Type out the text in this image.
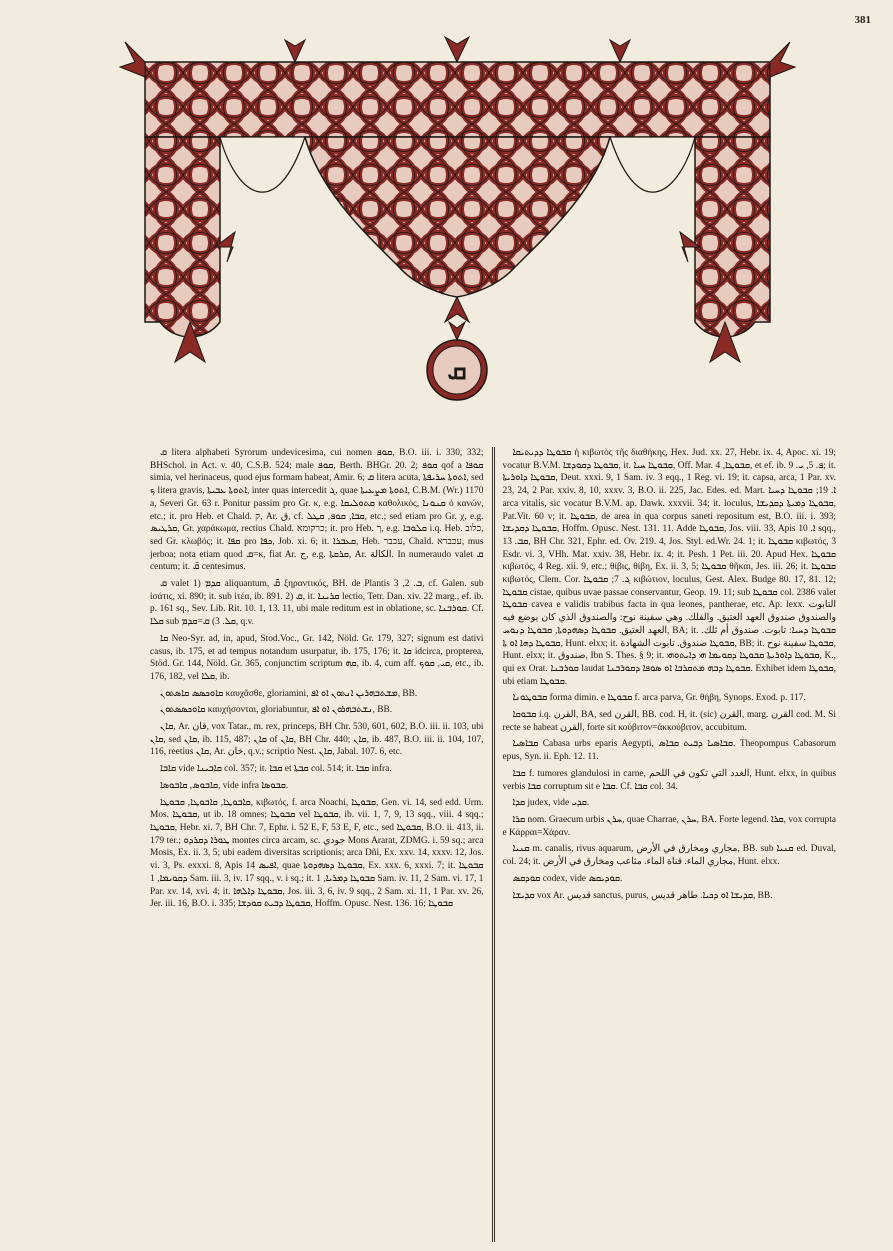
381
ܩ

ܩ litera alphabeti Syrorum undevicesima, cui nomen ܩܘܦ, B.O. iii. i. 330, 332; BHSchol. in Act. v. 40, C.S.B. 524; male ܩܘܦ, Berth. BHGr. 20. 2; ܩܘܦ qof a ܩܘܦܐ simia, vel herinaceus, quod ejus formam habeat, Amir. 6; ܩ litera acuta, ܐܬܘܬܐ ܚܪܝܦܬܐ, sed ܟ litera gravis, ܐܬܘܬܐ ܥܒܝܬܐ, inter quas intercedit ܓ, quae ܐܬܘܬܐ ܡܨܥܝܬܐ, C.B.M. (Wr.) 1170 a, Severi Gr. 63 r. Ponitur passim pro Gr. κ, e.g. ܩܬܘܠܝܩܐ καθολικός, ܩܢܘܢܐ ὁ κανών, etc.; it. pro Heb. et Chald. ק, Ar. ق, cf. ܩܒܐ, ܩܘܦ, ܩܛܠ, etc.; sed etiam pro Gr. χ, e.g. ܩܪܛܝܣ, Gr. χαράκωμα, rectius Chald. כרקומא; it. pro Heb. ך, e.g. ܩܠܘܒܐ i.q. Heb. כלוב, sed Gr. κλωβός; it. ܩܦܐ pro ܟܦܐ, Job. xi. 6; it. ܩܥܒܪܐ, Heb. עכבר, Chald. עכברא, mus jerboa; nota etiam quod ܩ=κ, fiat Ar. ج, e.g. ܩܪܩܬܐ, Ar. الكالة. In numeraudo valet ܩ centum; it. ܩ̈ centesimus.

ܩ valet 1) ܩܕܡ aliquantum, ܩ̄ ξηραντικός, BH. de Plantis ܒ. 2, 3, cf. Galen. sub ἰσάτις, xi. 890; it. sub ἰτέα, ib. 891. 2) ܩ, it. ܩܪܝܢܐ lectio, Tetr. Dan. xiv. 22 marg., ef. ib. p. 161 sq., Sev. Lib. Rit. 10. 1, 13. 11, ubi male reditum est in oblatione, sc. ܩܘܪܒܢܐ. Cf. ܩܠܐ sub ܩܠ. 3) ܩ=ܩܕܡ, q.v.

ܩܐ Neo-Syr. ad, in, apud, Stod.Voc., Gr. 142, Nöld. Gr. 179, 327; signum est dativi casus, ib. 175, et ad tempus notandum usurpatur, ib. 175, 176; it. ܩܐ idcirca, propterea, Stöd. Gr. 144, Nöld. Gr. 365, conjunctim scriptum ܩܗ, ib. 4, cum aff. ܩܝ, ܩܘܟ, etc., ib. 176, 182, vel ܩܠܐ, ib.

ܩܐܘܟܣܣ ܩܐܣܬܘܢ καυχᾶσθε, gloriamini, ܡܫܬܒܗܪܝܢ ܐܢܬܘܢ ܐܘ ܐܦ, BB.

ܩܐܘܟܣܣܬܘܢ καυχήσονται, gloriabuntur, ܢܫܬܒܗܪܘܢ ܐܘ ܐܦ, BB.

ܩܐܢ, Ar. قان, vox Tatar., m. rex, princeps, BH Chr. 530, 601, 602, B.O. iii. ii. 103, ubi ܩܐܢ, sed ܩܐܢ, ib. 115, 487; ܩܐܢ of ܩܐܢ, BH Chr. 440; ܩܐܢ, ib. 487, B.O. iii. ii. 104, 107, 116, reetius ܩܐܢ, Ar. خان, q.v.; scriptio Nest. ܩܐܢ, Jabal. 107. 6, etc.

ܩܐܒܐ vide ܩܐܒܝܢܐ col. 357; it. ܩܒܐ et ܩܒܬܐ col. 514; it. ܩܒܐ infra.

ܩܐܒܘܣ, ܩܐܒܘܣܐ, vide infra ܩܒܘܣܐ.

ܩܐܒܘܛܐ, ܩܐܒܘܛܐ, ܩܒܘܛܐ, κιβωτός, f. arca Noachi, ܩܒܘܛܐ, Gen. vi. 14, sed edd. Urm. Mos. ܩܒܘܛܐ, ut ib. 18 omnes; ܩܒܘܛܐ vel ܩܒܘܛܐ, ib. vii. 1, 7, 9, 13 sqq., viii. 4 sqq.; ܩܒܘܛܐ, Hebr. xi. 7, BH Chr. 7, Ephr. i. 52 E, F, 53 E, F, etc., sed ܩܒܘܛܐ, B.O. ii. 413, ii. 179 ter.; ܛܘܪܐ ܕܩܪܕܘ montes circa arcam, sc. جودي Mons Ararat, ZDMG. i. 59 sq.; arca Mosis, Ex. ii. 3, 5; ubi eadem diversitas scriptionis; arca Dñi, Ex. xxv. 14, xxxv. 12, Jos. vi. 3, Ps. exxxi. 8, Apis ܐܦܝܣ 14, quae ܩܒܘܛܐ ܕܣܗܕܘܬܐ, Ex. xxx. 6, xxxi. 7; it. ܩܒܘܛܐ ܕܩܘܝܡܐ, 1 Sam. iii. 3, iv. 17 sqq., v. i sq.; it. ܩܒܘܛܐ ܕܡܪܝܐ, 1 Sam. iv. 11, 2 Sam. vi. 17, 1 Par. xv. 14, xvi. 4; it. ܩܒܘܛܐ ܕܐܠܗܐ, Jos. iii. 3, 6, iv. 9 sqq., 2 Sam. xi. 11, 1 Par. xv. 26, Jer. iii. 16, B.O. i. 335; ܩܒܘܛܐ ܕܒܝܬ ܩܘܕܫܐ, Hoffm. Opusc. Nest. 136. 16; ܩܒܘܛܐ

ܩܒܘܛܐ ܕܕܝܬܝܩܐ ἡ κιβωτὸς τῆς διαθήκης, Hex. Jud. xx. 27, Hebr. ix. 4, Apoc. xi. 19; vocatur B.V.M. ܩܒܘܛܐ ܕܩܘܕܫܐ, it. ܩܒܘܛܐ ܚܝܐ, Off. Mar. ܩܒܘܛܐ, 4, et ef. ib. ܦ. 5, ܝ. 9; it. ܩܒܘܛܐ ܕܐܘܪܝܬܐ, Deut. xxxi. 9, 1 Sam. iv. 3 eqq., 1 Reg. vi. 19; it. capsa, arca, 1 Par. xv. 23, 24, 2 Par. xxiv. 8, 10, xxxv. 3, B.O. ii. 225, Jac. Edes. ed. Mart. ܐ. 19; ܩܒܘܛܐ ܕܚܝܐ arca vitalis, sic vocatur B.V.M. ap. Dawk. xxxvii. 34; it. loculus, ܩܒܘܛܐ ܕܡܝܬܐ ܕܩܕܝܫܐ, Pat.Vit. 60 v; it. ܩܒܘܛܐ, de area in qua corpus saneti repositum est, B.O. iii. i. 393; ܩܒܘܛܐ ܕܩܕܝܫܐ, Hoffm. Opusc. Nest. 131. 11. Adde ܩܒܘܛܐ, Jos. viii. 33, Apis ܐ. 10 sqq., ܩܒ. 13, BH Chr. 321, Ephr. ed. Ov. 219. 4, Jos. Styl. ed.Wr. 24. 1; it. ܩܒܘܛܐ κιβωτός, 3 Esdr. vi. 3, VHh. Mat. xxiv. 38, Hebr. ix. 4; it. Pesh. 1 Pet. iii. 20. Apud Hex. ܩܒܘܛܐ κιβωτός, 4 Reg. xii. 9, etc.; θίβις, θίβη, Ex. ii. 3, 5; ܩܒܘܛܐ θῆκαι, Jes. iii. 26; it. ܩܒܘܛܐ κιβωτός, Clem. Cor. ܓ. 7; ܩܒܘܛܐ κιβώτιον, loculus, Gest. Alex. Budge 80. 17, 81. 12; ܩܒܘܛܐ cistae, quibus uvae passae conservantur, Geop. 19. 11; sub ܩܒܘܛܐ col. 2386 valet ܩܒܘܛܐ cavea e validis trabibus facta in qua leones, pantherae, etc. Ap. lexx. التابوت والصندوق صندوق العهد العتيق. والفلك. وهي سفينة نوح: والصندوق الذي كان يوضع فيه العهد العتيق. ܩܒܘܛܐ ܕܣܗܕܘܬܐ, ܩܒܘܛܐ ܕܢܘܚ, BA; it. ܩܒܘܛܐ ܕܚܝܐ: تابوت. صندوق أم ثلك. ܩܒܘܛܐ ܕܗܐ ܐܘ ܬܐ, Hunt. elxx; it. ܩܒܘܛܐ صندوق. تابوت الشهادة, BB; it. ܩܒܘܛܐ سفينة نوح, Hunt. elxx; it. صندوق, Ibn S. Thes. § 9; it. ܩܒܘܛܐ ܕܐܘܪܝܬܐ ܩܒܘܛܐ ܕܩܘܝܡܐ ܗܝ ܕܐܝܬܘܗܝ, K., qui ex Orat. ܩܘܪܒܢܐ laudat ܩܒܘܛܐ ܕܒܗ ܡܬܩܪܒܐ ܐܘ ܣܘܦܐ ܕܩܘܪܒܢܐ. Exhibet idem ܩܒܘܛܐ, ubi etiam ܩܒܘܛܐ.

ܩܒܘܛܘܢܐ forma dimin. e ܩܒܘܛܐ f. arca parva, Gr. θήβη, Synops. Exod. p. 117.

ܩܒܘܩܐ i.q. القرن, BA, sed القرن, BB. cod. H, it. (sic) القرن, marg. القرن cod. M. Si recte se habeat القرن, forte sit κούβιτον=ἀκκούβιτον, accubitum.

ܩܒܐܣܝܐ Cabasa urbs eparis Aegypti, ܩܒܐܣܝܐ ܕܒܝܬ ܩܒܐܣ. Theopompus Cabasorum eрus, Syn. ii. Eph. 12. 11.

ܩܒܐ f. tumores glandulosi in carne, الغدد التي تكون في اللحم, Hunt. elxx, in quibus verbis ܩܒܐ corruptum sit e ܩܒܐ. Cf. ܩܒܐ col. 34.

ܩܕܐ judex, vide ܩܕܝ.

ܩܪܐ nom. Graecum urbis ܚܪܢ, quae Charrae, ܚܪܢ, BA. Forte legend. ܩܪܐ, vox corrupta e Κάρραι=Χάραν.

ܩܢܝܐ m. canalis, rivus aquarum, مجاري ومخارق في الأرض, BB. sub ܩܢܝܐ ed. Duval, col. 24; it. مجاري الماء. قناة الماء. مثاعب ومخارق في الأرض, Hunt. elxx.

ܩܘܕܩܣ codex, vide ܩܘܕܝܩܣ.

ܩܕܝܫܐ vox Ar. قديس sanctus, purus, ܩܕܝܫܐ ܐܘ ܕܟܝܐ. طاهر قديس, BB.
